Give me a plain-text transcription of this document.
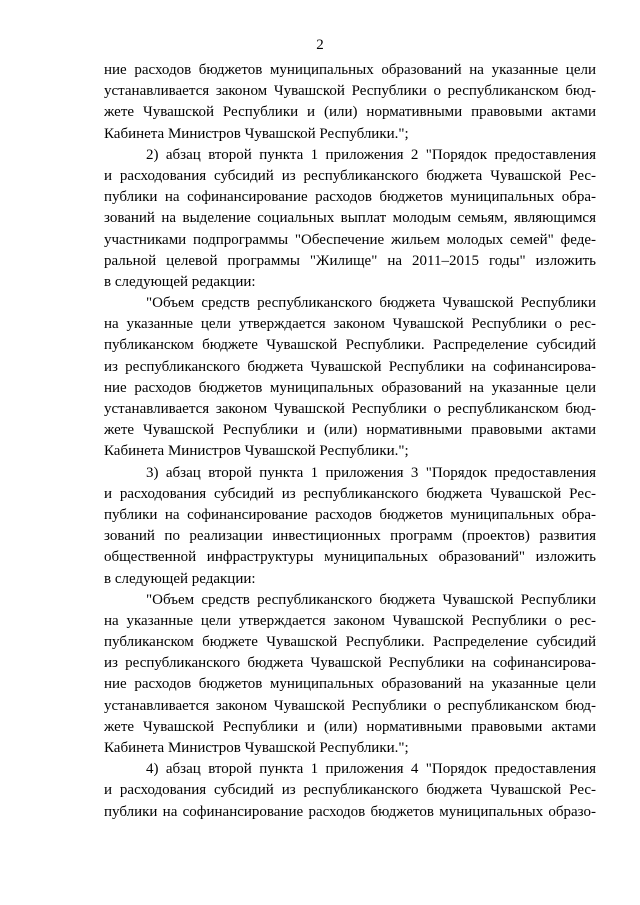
2
ние расходов бюджетов муниципальных образований на указанные цели
устанавливается законом Чувашской Республики о республиканском бюд-
жете Чувашской Республики и (или) нормативными правовыми актами
Кабинета Министров Чувашской Республики.";
2) абзац второй пункта 1 приложения 2 "Порядок предоставления
и расходования субсидий из республиканского бюджета Чувашской Рес-
публики на софинансирование расходов бюджетов муниципальных обра-
зований на выделение социальных выплат молодым семьям, являющимся
участниками подпрограммы "Обеспечение жильем молодых семей" феде-
ральной целевой программы "Жилище" на 2011–2015 годы" изложить
в следующей редакции:
"Объем средств республиканского бюджета Чувашской Республики
на указанные цели утверждается законом Чувашской Республики о рес-
публиканском бюджете Чувашской Республики. Распределение субсидий
из республиканского бюджета Чувашской Республики на софинансирова-
ние расходов бюджетов муниципальных образований на указанные цели
устанавливается законом Чувашской Республики о республиканском бюд-
жете Чувашской Республики и (или) нормативными правовыми актами
Кабинета Министров Чувашской Республики.";
3) абзац второй пункта 1 приложения 3 "Порядок предоставления
и расходования субсидий из республиканского бюджета Чувашской Рес-
публики на софинансирование расходов бюджетов муниципальных обра-
зований по реализации инвестиционных программ (проектов) развития
общественной инфраструктуры муниципальных образований" изложить
в следующей редакции:
"Объем средств республиканского бюджета Чувашской Республики
на указанные цели утверждается законом Чувашской Республики о рес-
публиканском бюджете Чувашской Республики. Распределение субсидий
из республиканского бюджета Чувашской Республики на софинансирова-
ние расходов бюджетов муниципальных образований на указанные цели
устанавливается законом Чувашской Республики о республиканском бюд-
жете Чувашской Республики и (или) нормативными правовыми актами
Кабинета Министров Чувашской Республики.";
4) абзац второй пункта 1 приложения 4 "Порядок предоставления
и расходования субсидий из республиканского бюджета Чувашской Рес-
публики на софинансирование расходов бюджетов муниципальных образо-
